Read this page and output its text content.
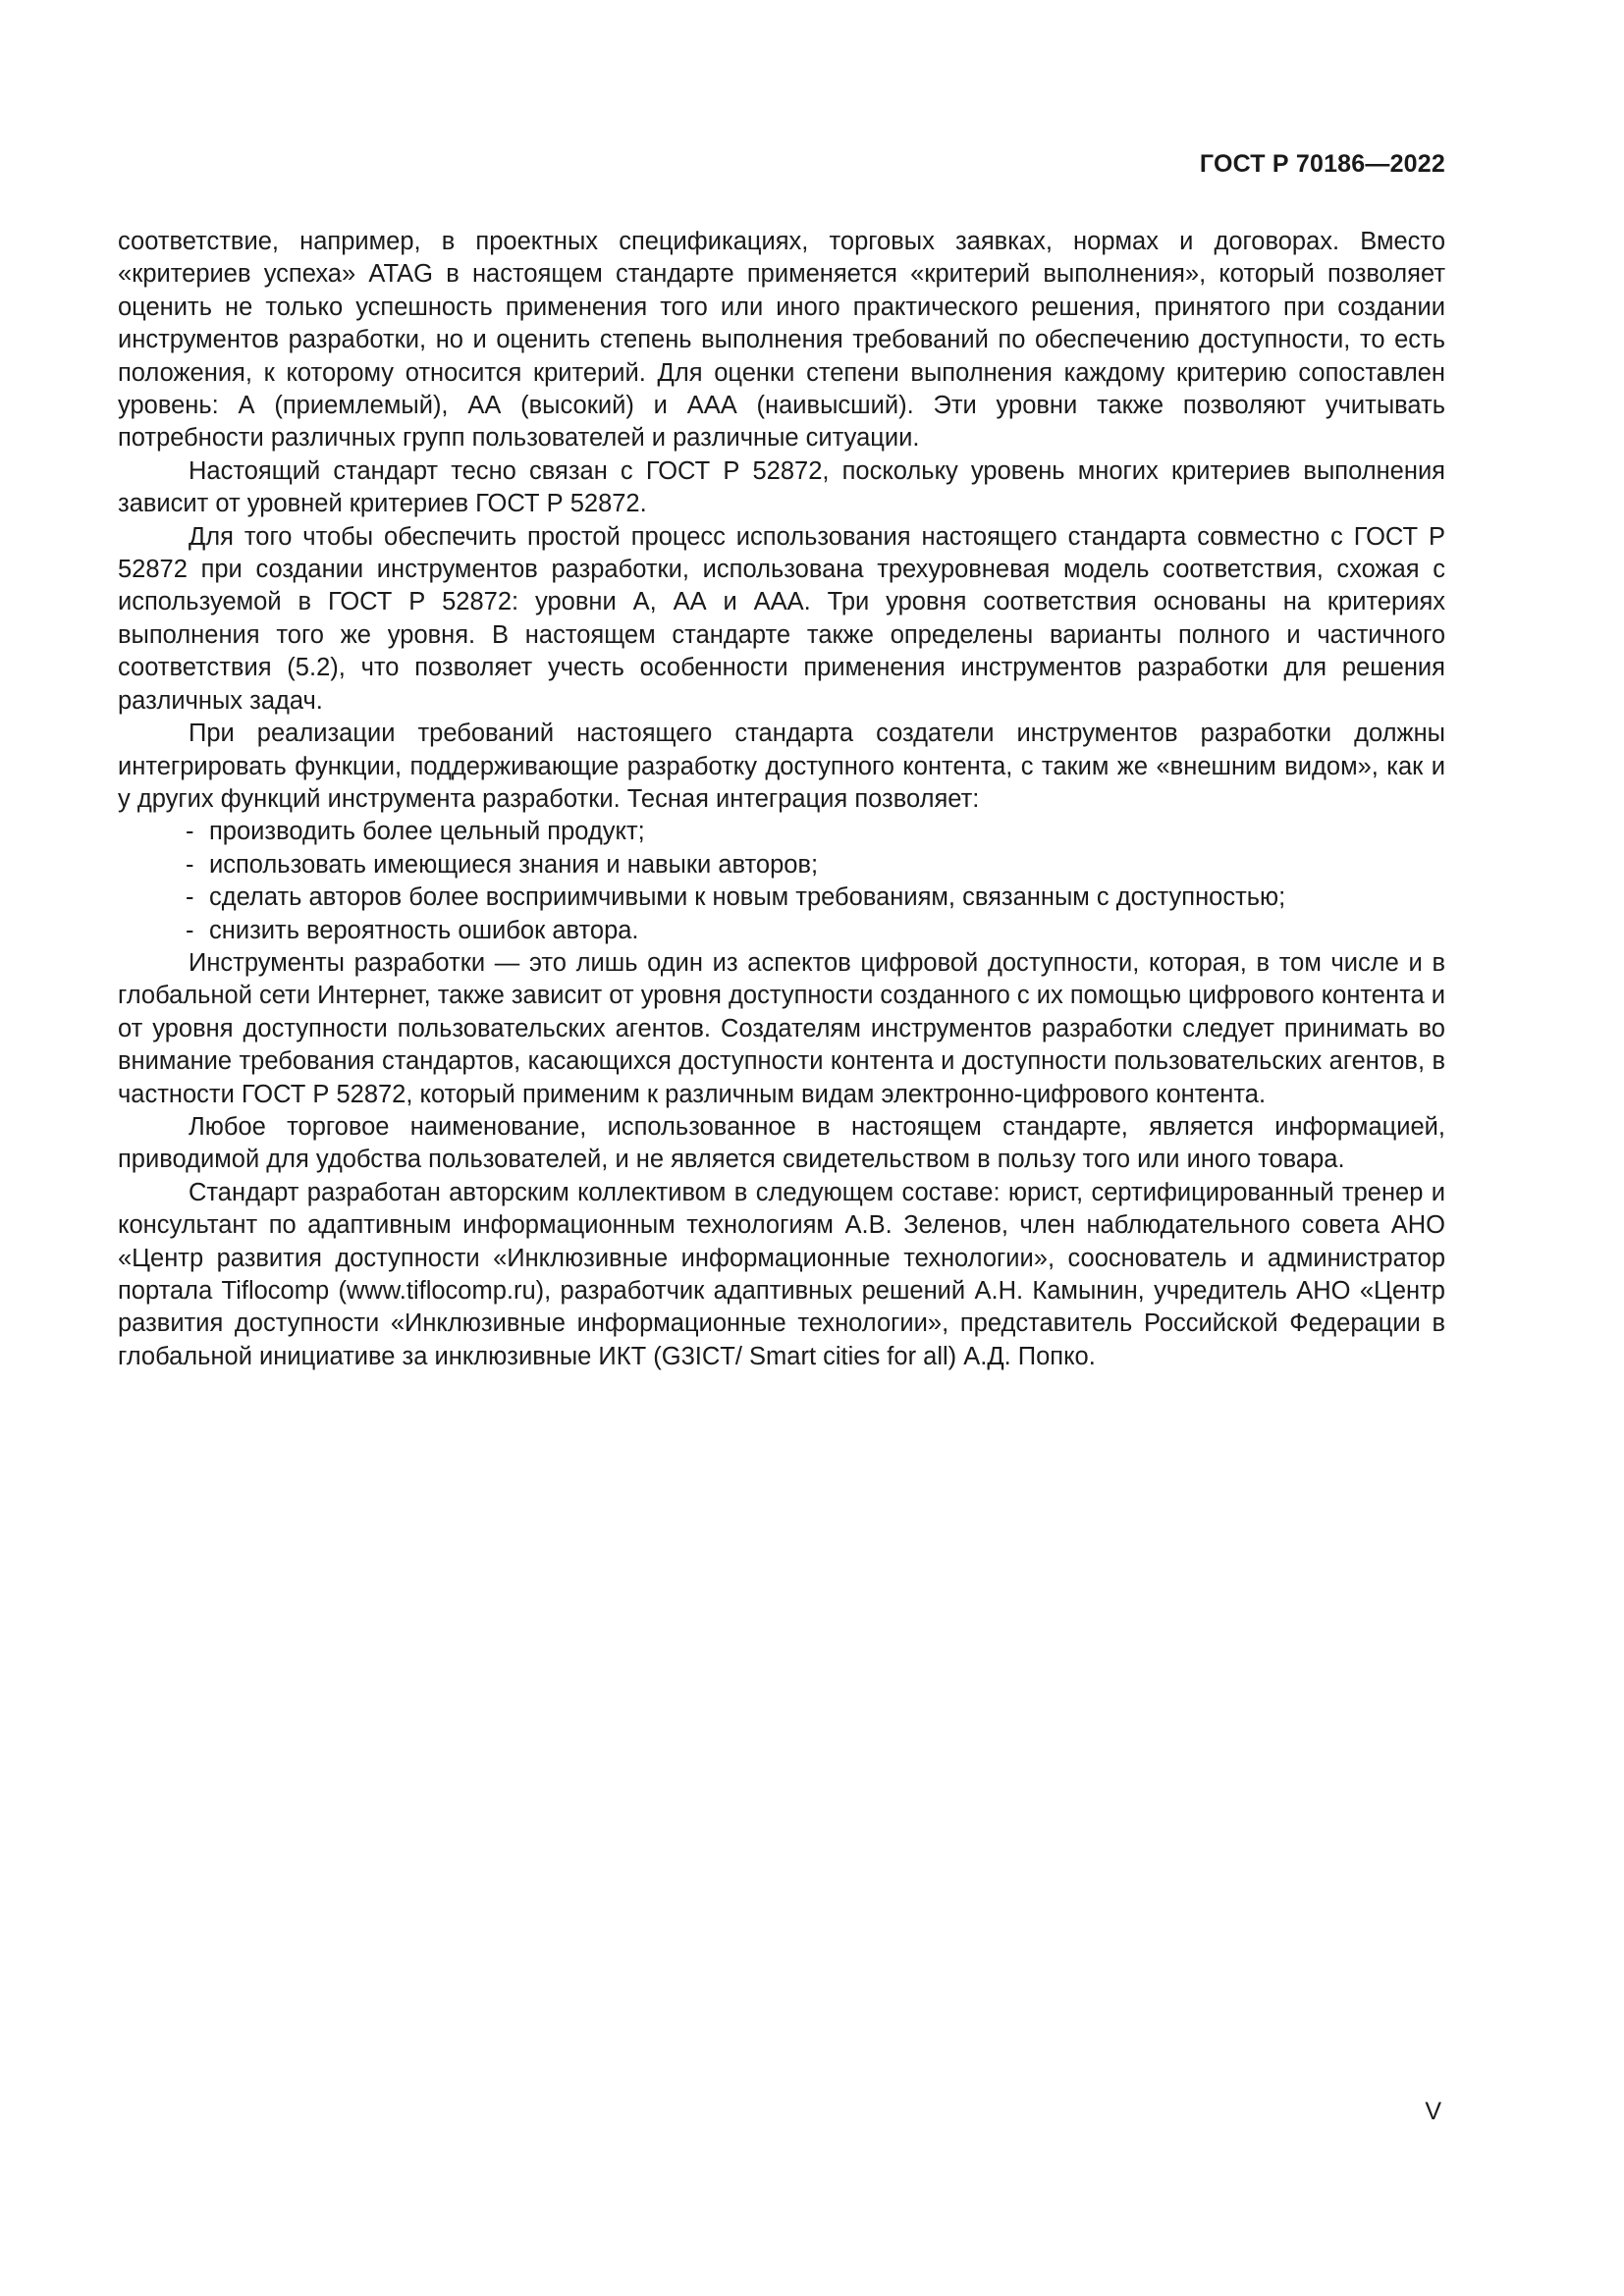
ГОСТ Р 70186—2022

соответствие, например, в проектных спецификациях, торговых заявках, нормах и договорах. Вместо «критериев успеха» ATAG в настоящем стандарте применяется «критерий выполнения», который позволяет оценить не только успешность применения того или иного практического решения, принятого при создании инструментов разработки, но и оценить степень выполнения требований по обеспечению доступности, то есть положения, к которому относится критерий. Для оценки степени выполнения каждому критерию сопоставлен уровень: А (приемлемый), АА (высокий) и ААА (наивысший). Эти уровни также позволяют учитывать потребности различных групп пользователей и различные ситуации.

Настоящий стандарт тесно связан с ГОСТ Р 52872, поскольку уровень многих критериев выполнения зависит от уровней критериев ГОСТ Р 52872.

Для того чтобы обеспечить простой процесс использования настоящего стандарта совместно с ГОСТ Р 52872 при создании инструментов разработки, использована трехуровневая модель соответствия, схожая с используемой в ГОСТ Р 52872: уровни А, АА и ААА. Три уровня соответствия основаны на критериях выполнения того же уровня. В настоящем стандарте также определены варианты полного и частичного соответствия (5.2), что позволяет учесть особенности применения инструментов разработки для решения различных задач.

При реализации требований настоящего стандарта создатели инструментов разработки должны интегрировать функции, поддерживающие разработку доступного контента, с таким же «внешним видом», как и у других функций инструмента разработки. Тесная интеграция позволяет:

- производить более цельный продукт;
- использовать имеющиеся знания и навыки авторов;
- сделать авторов более восприимчивыми к новым требованиям, связанным с доступностью;
- снизить вероятность ошибок автора.

Инструменты разработки — это лишь один из аспектов цифровой доступности, которая, в том числе и в глобальной сети Интернет, также зависит от уровня доступности созданного с их помощью цифрового контента и от уровня доступности пользовательских агентов. Создателям инструментов разработки следует принимать во внимание требования стандартов, касающихся доступности контента и доступности пользовательских агентов, в частности ГОСТ Р 52872, который применим к различным видам электронно-цифрового контента.

Любое торговое наименование, использованное в настоящем стандарте, является информацией, приводимой для удобства пользователей, и не является свидетельством в пользу того или иного товара.

Стандарт разработан авторским коллективом в следующем составе: юрист, сертифицированный тренер и консультант по адаптивным информационным технологиям А.В. Зеленов, член наблюдательного совета АНО «Центр развития доступности «Инклюзивные информационные технологии», сооснователь и администратор портала Tiflocomp (www.tiflocomp.ru), разработчик адаптивных решений А.Н. Камынин, учредитель АНО «Центр развития доступности «Инклюзивные информационные технологии», представитель Российской Федерации в глобальной инициативе за инклюзивные ИКТ (G3ICT/ Smart cities for all) А.Д. Попко.

V
